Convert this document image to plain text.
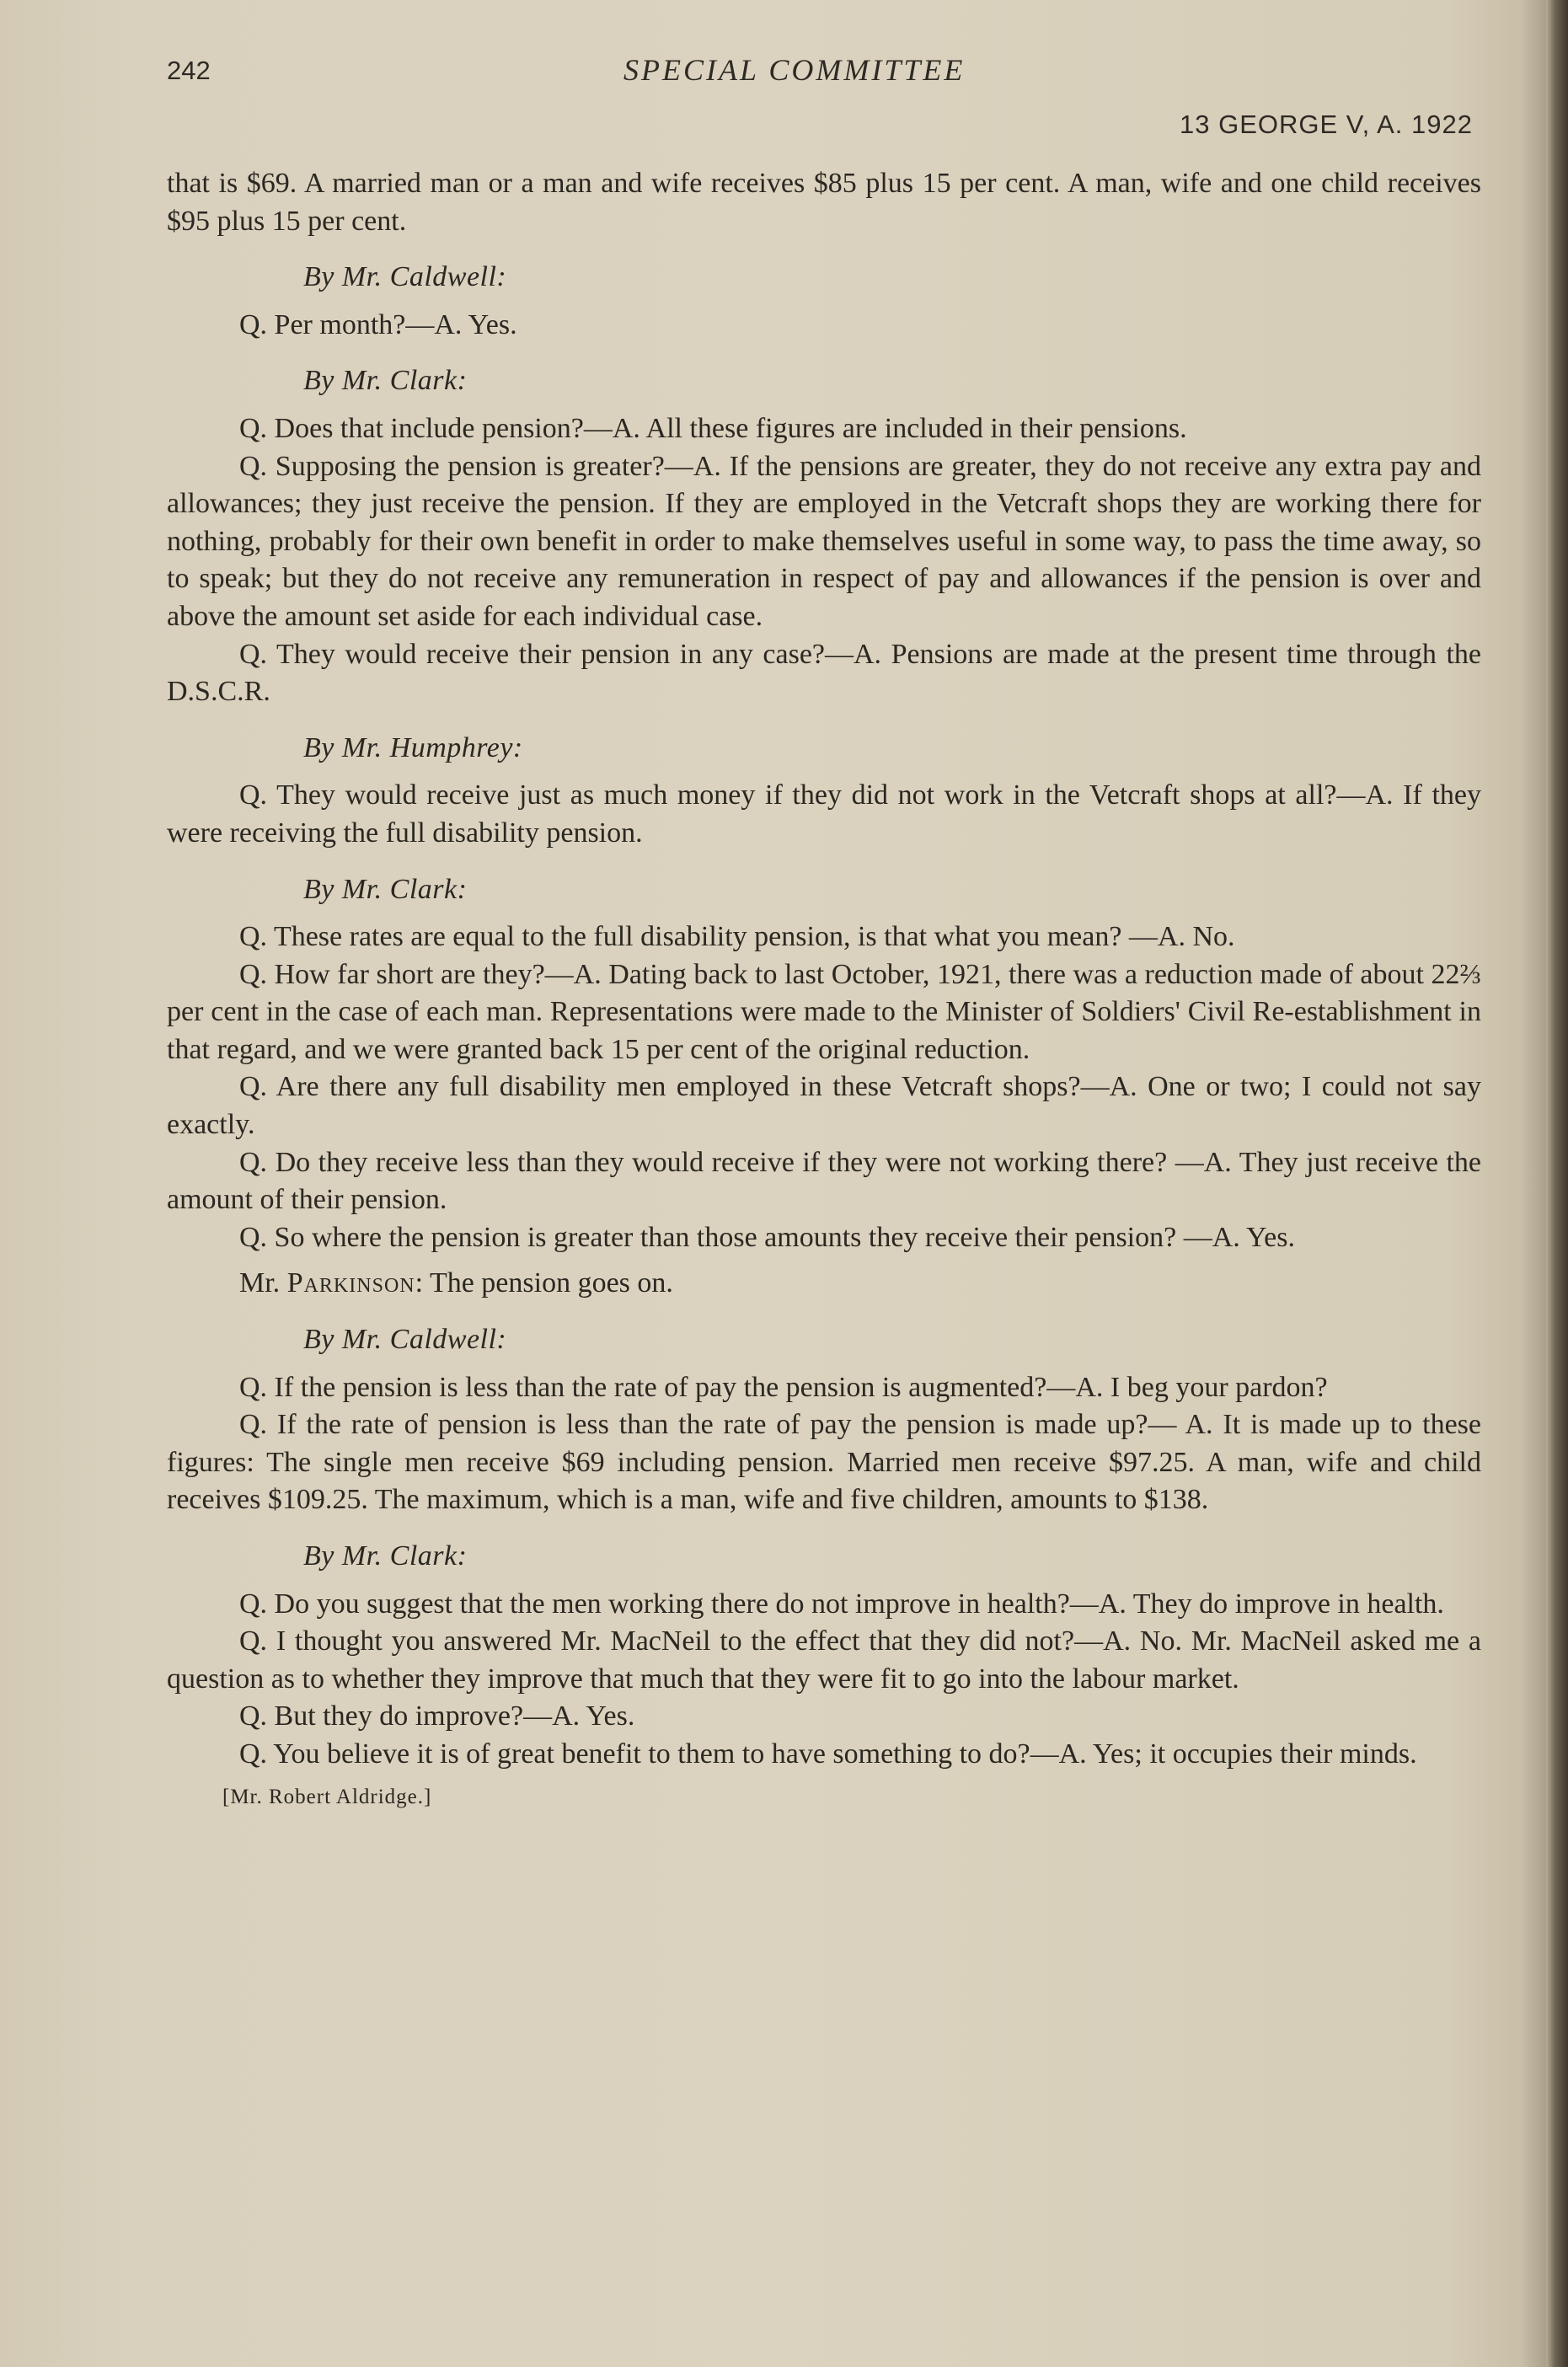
242	SPECIAL COMMITTEE
13 GEORGE V, A. 1922

that is $69. A married man or a man and wife receives $85 plus 15 per cent. A man, wife and one child receives $95 plus 15 per cent.

By Mr. Caldwell:

Q. Per month?—A. Yes.

By Mr. Clark:

Q. Does that include pension?—A. All these figures are included in their pensions.

Q. Supposing the pension is greater?—A. If the pensions are greater, they do not receive any extra pay and allowances; they just receive the pension. If they are employed in the Vetcraft shops they are working there for nothing, probably for their own benefit in order to make themselves useful in some way, to pass the time away, so to speak; but they do not receive any remuneration in respect of pay and allowances if the pension is over and above the amount set aside for each individual case.

Q. They would receive their pension in any case?—A. Pensions are made at the present time through the D.S.C.R.

By Mr. Humphrey:

Q. They would receive just as much money if they did not work in the Vetcraft shops at all?—A. If they were receiving the full disability pension.

By Mr. Clark:

Q. These rates are equal to the full disability pension, is that what you mean? —A. No.

Q. How far short are they?—A. Dating back to last October, 1921, there was a reduction made of about 22⅔ per cent in the case of each man. Representations were made to the Minister of Soldiers' Civil Re-establishment in that regard, and we were granted back 15 per cent of the original reduction.

Q. Are there any full disability men employed in these Vetcraft shops?—A. One or two; I could not say exactly.

Q. Do they receive less than they would receive if they were not working there? —A. They just receive the amount of their pension.

Q. So where the pension is greater than those amounts they receive their pension? —A. Yes.

Mr. Parkinson: The pension goes on.

By Mr. Caldwell:

Q. If the pension is less than the rate of pay the pension is augmented?—A. I beg your pardon?

Q. If the rate of pension is less than the rate of pay the pension is made up?— A. It is made up to these figures: The single men receive $69 including pension. Married men receive $97.25. A man, wife and child receives $109.25. The maximum, which is a man, wife and five children, amounts to $138.

By Mr. Clark:

Q. Do you suggest that the men working there do not improve in health?—A. They do improve in health.

Q. I thought you answered Mr. MacNeil to the effect that they did not?—A. No. Mr. MacNeil asked me a question as to whether they improve that much that they were fit to go into the labour market.

Q. But they do improve?—A. Yes.

Q. You believe it is of great benefit to them to have something to do?—A. Yes; it occupies their minds.

[Mr. Robert Aldridge.]
